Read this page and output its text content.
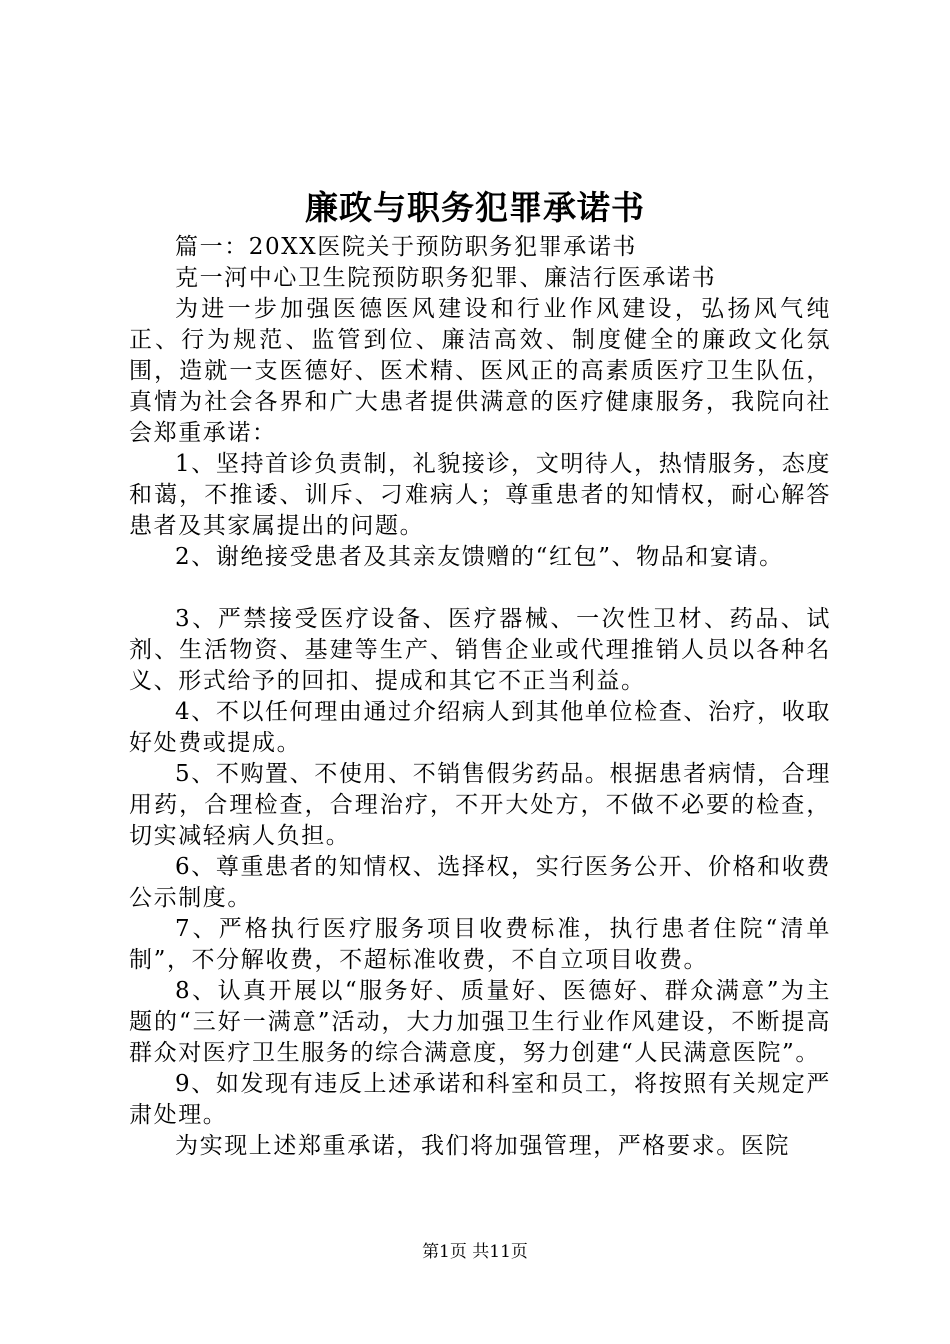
廉政与职务犯罪承诺书

篇一：20XX医院关于预防职务犯罪承诺书

克一河中心卫生院预防职务犯罪、廉洁行医承诺书

为进一步加强医德医风建设和行业作风建设，弘扬风气纯正、行为规范、监管到位、廉洁高效、制度健全的廉政文化氛围，造就一支医德好、医术精、医风正的高素质医疗卫生队伍，真情为社会各界和广大患者提供满意的医疗健康服务，我院向社会郑重承诺：

1、坚持首诊负责制，礼貌接诊，文明待人，热情服务，态度和蔼，不推诿、训斥、刁难病人；尊重患者的知情权，耐心解答患者及其家属提出的问题。

2、谢绝接受患者及其亲友馈赠的“红包”、物品和宴请。

3、严禁接受医疗设备、医疗器械、一次性卫材、药品、试剂、生活物资、基建等生产、销售企业或代理推销人员以各种名义、形式给予的回扣、提成和其它不正当利益。

4、不以任何理由通过介绍病人到其他单位检查、治疗，收取好处费或提成。

5、不购置、不使用、不销售假劣药品。根据患者病情，合理用药，合理检查，合理治疗，不开大处方，不做不必要的检查，切实减轻病人负担。

6、尊重患者的知情权、选择权，实行医务公开、价格和收费公示制度。

7、严格执行医疗服务项目收费标准，执行患者住院“清单制”，不分解收费，不超标准收费，不自立项目收费。

8、认真开展以“服务好、质量好、医德好、群众满意”为主题的“三好一满意”活动，大力加强卫生行业作风建设，不断提高群众对医疗卫生服务的综合满意度，努力创建“人民满意医院”。

9、如发现有违反上述承诺和科室和员工，将按照有关规定严肃处理。

为实现上述郑重承诺，我们将加强管理，严格要求。医院

第1页 共11页
